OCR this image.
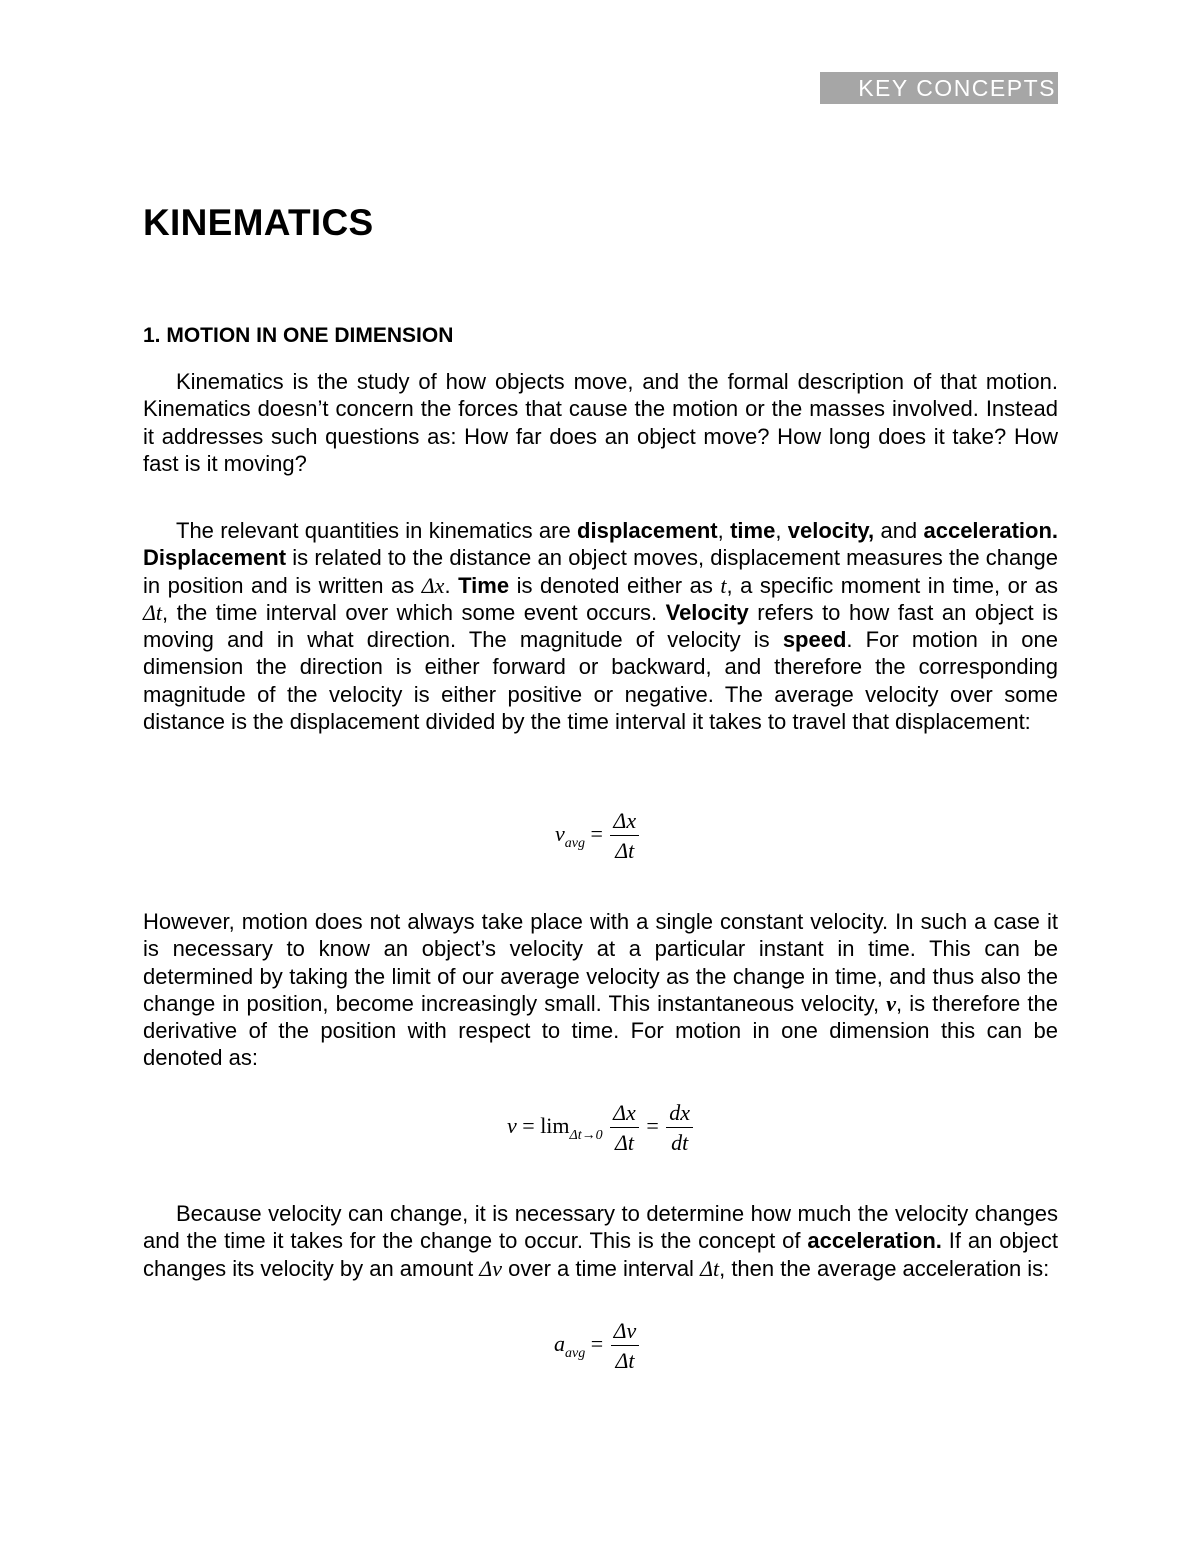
KEY CONCEPTS
KINEMATICS
1. MOTION IN ONE DIMENSION

Kinematics is the study of how objects move, and the formal description of that motion. Kinematics doesn’t concern the forces that cause the motion or the masses involved. Instead it addresses such questions as: How far does an object move? How long does it take? How fast is it moving?

The relevant quantities in kinematics are displacement, time, velocity, and acceleration. Displacement is related to the distance an object moves, displacement measures the change in position and is written as Δx. Time is denoted either as t, a specific moment in time, or as Δt, the time interval over which some event occurs. Velocity refers to how fast an object is moving and in what direction. The magnitude of velocity is speed. For motion in one dimension the direction is either forward or backward, and therefore the corresponding magnitude of the velocity is either positive or negative. The average velocity over some distance is the displacement divided by the time interval it takes to travel that displacement:

$v_{avg} = \frac{\Delta x}{\Delta t}$

However, motion does not always take place with a single constant velocity. In such a case it is necessary to know an object’s velocity at a particular instant in time. This can be determined by taking the limit of our average velocity as the change in time, and thus also the change in position, become increasingly small. This instantaneous velocity, v, is therefore the derivative of the position with respect to time. For motion in one dimension this can be denoted as:

$v = \lim_{\Delta t\to 0} \frac{\Delta x}{\Delta t} = \frac{dx}{dt}$

Because velocity can change, it is necessary to determine how much the velocity changes and the time it takes for the change to occur. This is the concept of acceleration. If an object changes its velocity by an amount Δv over a time interval Δt, then the average acceleration is:

$a_{avg} = \frac{\Delta v}{\Delta t}$
